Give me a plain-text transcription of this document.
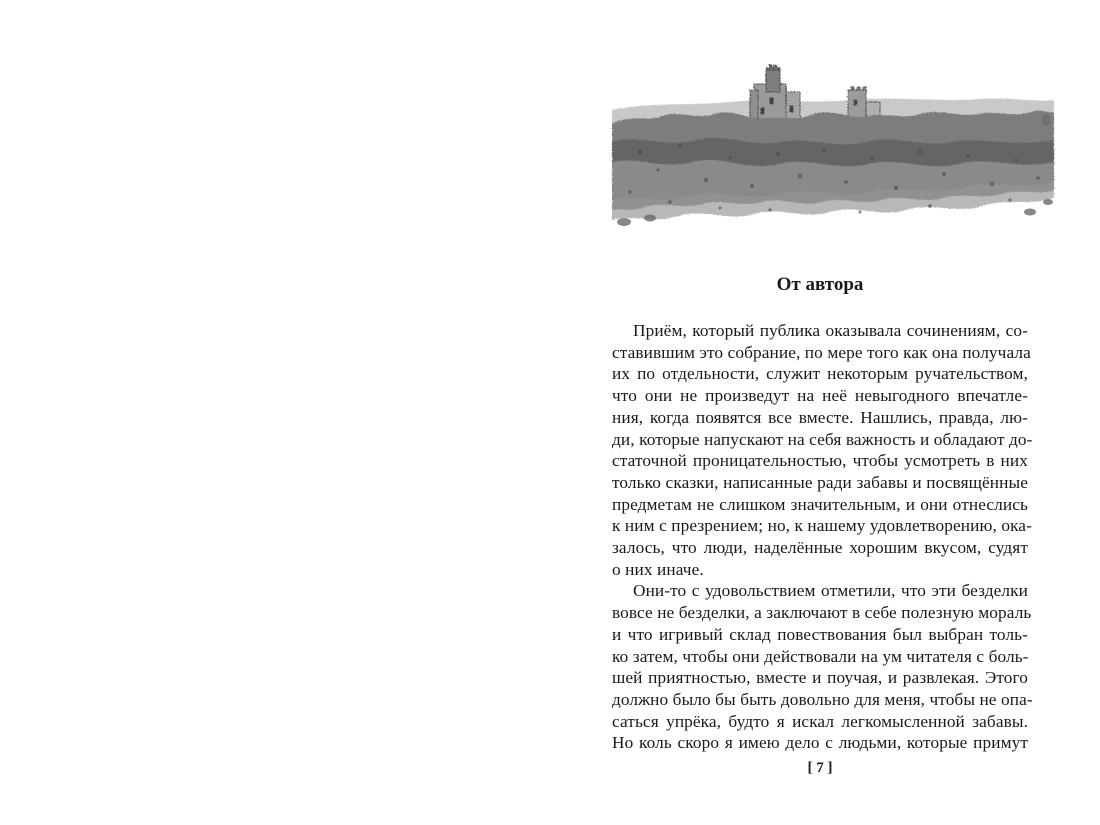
От автора

Приём, который публика оказывала сочинениям, со-
ставившим это собрание, по мере того как она получала
их по отдельности, служит некоторым ручательством,
что они не произведут на неё невыгодного впечатле-
ния, когда появятся все вместе. Нашлись, правда, лю-
ди, которые напускают на себя важность и обладают до-
статочной проницательностью, чтобы усмотреть в них
только сказки, написанные ради забавы и посвящённые
предметам не слишком значительным, и они отнеслись
к ним с презрением; но, к нашему удовлетворению, ока-
залось, что люди, наделённые хорошим вкусом, судят
о них иначе.

Они-то с удовольствием отметили, что эти безделки
вовсе не безделки, а заключают в себе полезную мораль
и что игривый склад повествования был выбран толь-
ко затем, чтобы они действовали на ум читателя с боль-
шей приятностью, вместе и поучая, и развлекая. Этого
должно было бы быть довольно для меня, чтобы не опа-
саться упрёка, будто я искал легкомысленной забавы.
Но коль скоро я имею дело с людьми, которые примут

[ 7 ]
